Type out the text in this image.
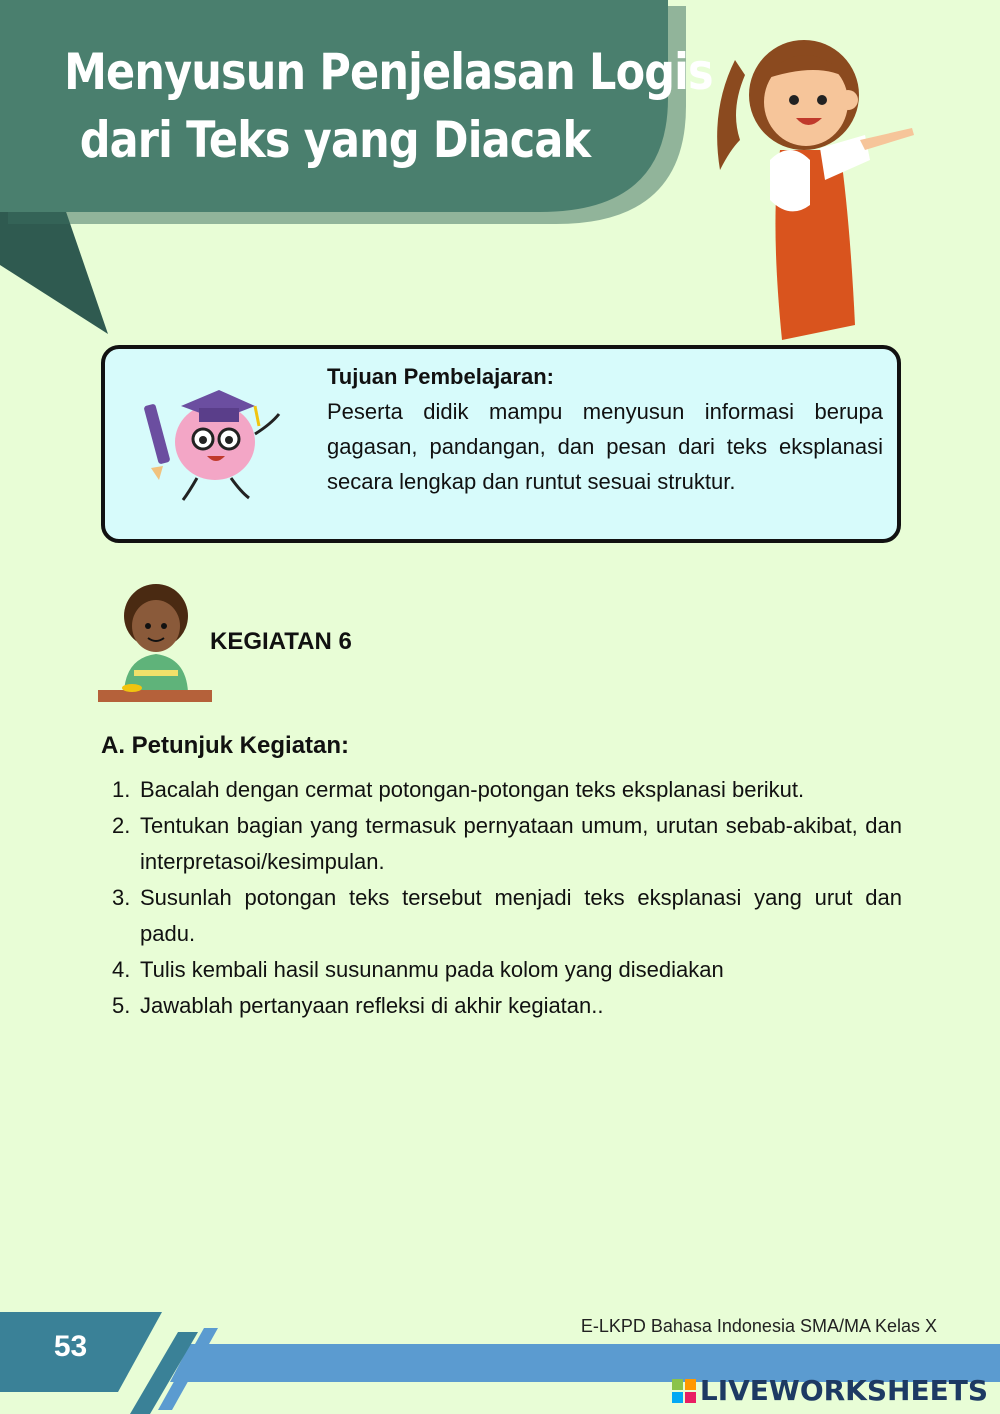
Menyusun Penjelasan Logis
dari Teks yang Diacak
Tujuan Pembelajaran:
Peserta didik mampu menyusun informasi berupa gagasan, pandangan, dan pesan dari teks eksplanasi secara lengkap dan runtut sesuai struktur.
KEGIATAN 6
A. Petunjuk Kegiatan:
1. Bacalah dengan cermat potongan-potongan teks eksplanasi berikut.
2. Tentukan bagian yang termasuk pernyataan umum, urutan sebab-akibat, dan interpretasoi/kesimpulan.
3. Susunlah potongan teks tersebut menjadi teks eksplanasi yang urut dan padu.
4. Tulis kembali hasil susunanmu pada kolom yang disediakan
5. Jawablah pertanyaan refleksi di akhir kegiatan..
E-LKPD Bahasa Indonesia SMA/MA Kelas X
53
LIVEWORKSHEETS
